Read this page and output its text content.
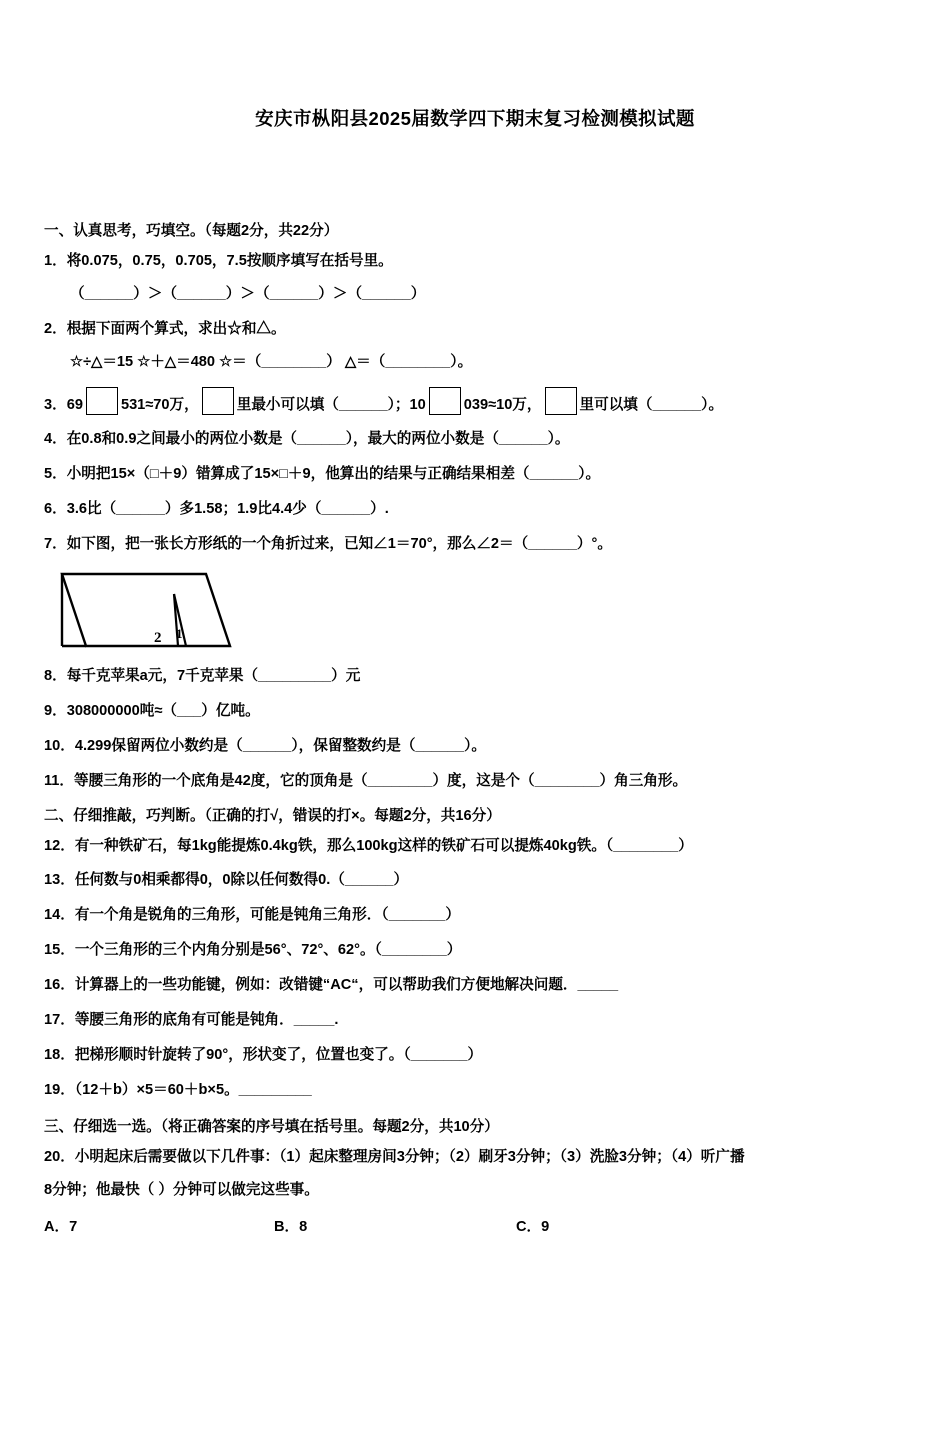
安庆市枞阳县2025届数学四下期末复习检测模拟试题

一、认真思考，巧填空。（每题2分，共22分）

1．将0.075，0.75，0.705，7.5按顺序填写在括号里。

（______）＞（______）＞（______）＞（______）

2．根据下面两个算式，求出☆和△。

☆÷△＝15 ☆＋△＝480 ☆＝（________） △＝（________）。

3．69	531≈70万，	里最小可以填（______）；10	039≈10万，	里可以填（______）。

4．在0.8和0.9之间最小的两位小数是（______），最大的两位小数是（______）。

5．小明把15×（□＋9）错算成了15×□＋9，他算出的结果与正确结果相差（______）。

6．3.6比（______）多1.58；1.9比4.4少（______）.

7．如下图，把一张长方形纸的一个角折过来，已知∠1＝70°，那么∠2＝（______）°。

1
2

8．每千克苹果a元，7千克苹果（_________）元

9．308000000吨≈（___）亿吨。

10．4.299保留两位小数约是（______），保留整数约是（______）。

11．等腰三角形的一个底角是42度，它的顶角是（________）度，这是个（________）角三角形。

二、仔细推敲，巧判断。（正确的打√，错误的打×。每题2分，共16分）

12．有一种铁矿石，每1kg能提炼0.4kg铁，那么100kg这样的铁矿石可以提炼40kg铁。（________）

13．任何数与0相乘都得0，0除以任何数得0.（______）

14．有一个角是锐角的三角形，可能是钝角三角形．（_______）

15．一个三角形的三个内角分别是56°、72°、62°。（________）

16．计算器上的一些功能键，例如：改错键“AC“，可以帮助我们方便地解决问题．_____

17．等腰三角形的底角有可能是钝角．_____.

18．把梯形顺时针旋转了90°，形状变了，位置也变了。（_______）

19．（12＋b）×5＝60＋b×5。_________

三、仔细选一选。（将正确答案的序号填在括号里。每题2分，共10分）

20．小明起床后需要做以下几件事：（1）起床整理房间3分钟；（2）刷牙3分钟；（3）洗脸3分钟；（4）听广播

8分钟；他最快（ ）分钟可以做完这些事。

A．7	B．8	C．9
